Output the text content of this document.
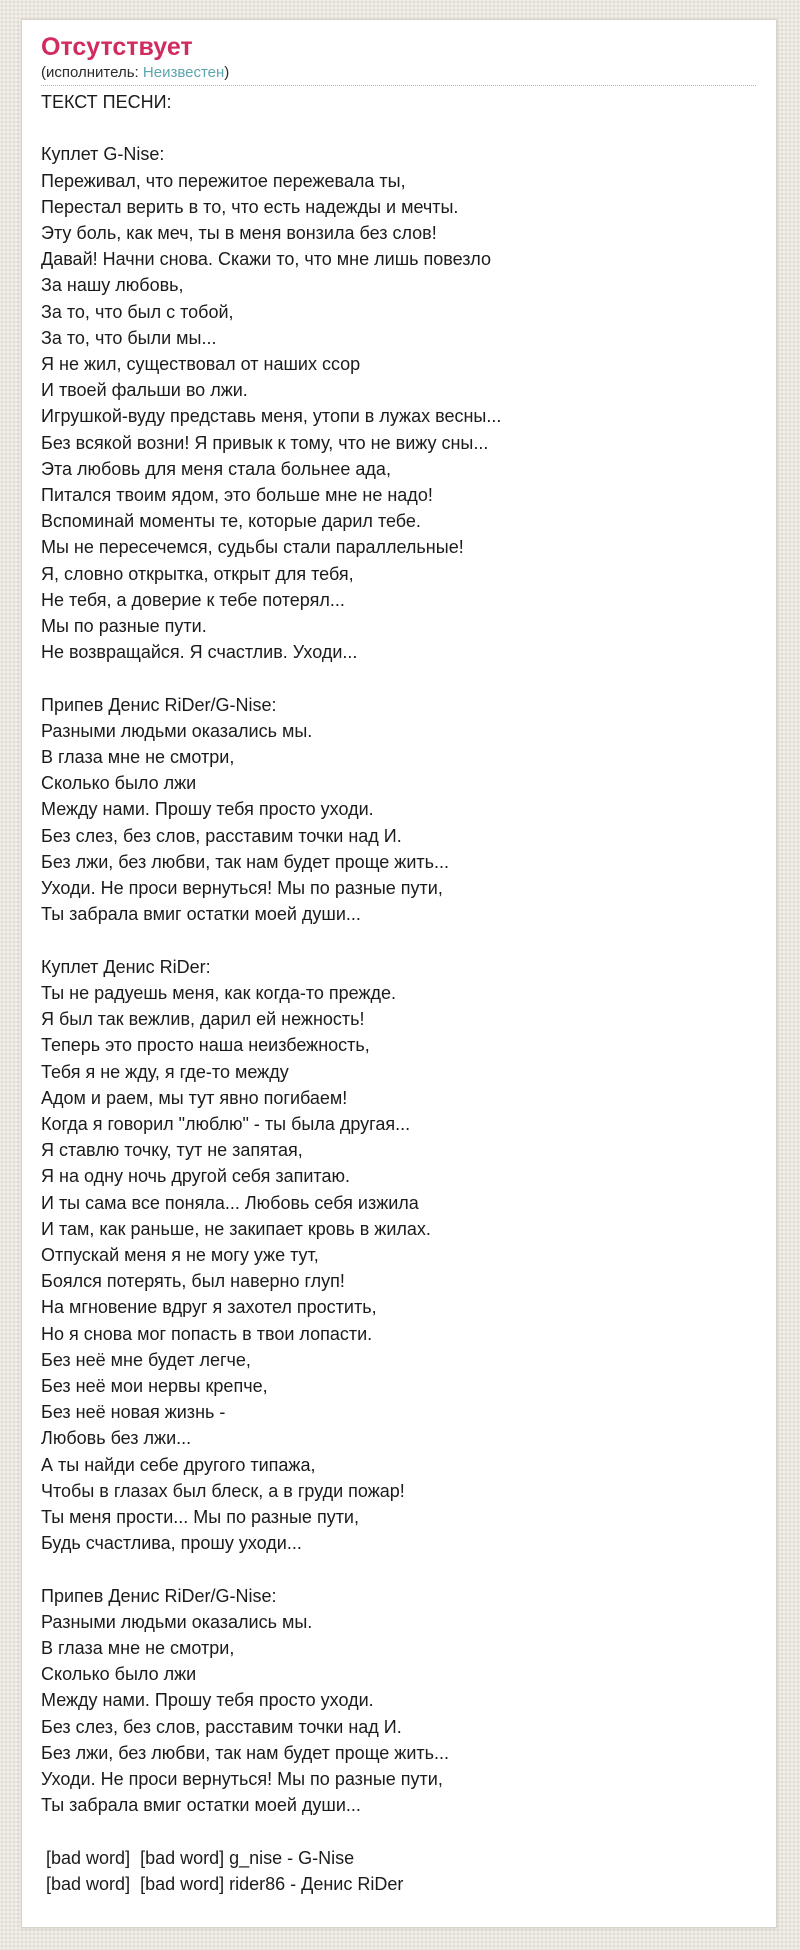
Отсутствует
(исполнитель: Неизвестен)
ТЕКСТ ПЕСНИ:

Куплет G-Nise:
Переживал, что пережитое пережевала ты,
Перестал верить в то, что есть надежды и мечты.
Эту боль, как меч, ты в меня вонзила без слов!
Давай! Начни снова. Скажи то, что мне лишь повезло
За нашу любовь,
За то, что был с тобой,
За то, что были мы...
Я не жил, существовал от наших ссор
И твоей фальши во лжи.
Игрушкой-вуду представь меня, утопи в лужах весны...
Без всякой возни! Я привык к тому, что не вижу сны...
Эта любовь для меня стала больнее ада,
Питался твоим ядом, это больше мне не надо!
Вспоминай моменты те, которые дарил тебе.
Мы не пересечемся, судьбы стали параллельные!
Я, словно открытка, открыт для тебя,
Не тебя, а доверие к тебе потерял...
Мы по разные пути.
Не возвращайся. Я счастлив. Уходи...

Припев Денис RiDer/G-Nise:
Разными людьми оказались мы.
В глаза мне не смотри,
Сколько было лжи
Между нами. Прошу тебя просто уходи.
Без слез, без слов, расставим точки над И.
Без лжи, без любви, так нам будет проще жить...
Уходи. Не проси вернуться! Мы по разные пути,
Ты забрала вмиг остатки моей души...

Куплет Денис RiDer:
Ты не радуешь меня, как когда-то прежде.
Я был так вежлив, дарил ей нежность!
Теперь это просто наша неизбежность,
Тебя я не жду, я где-то между
Адом и раем, мы тут явно погибаем!
Когда я говорил "люблю" - ты была другая...
Я ставлю точку, тут не запятая,
Я на одну ночь другой себя запитаю.
И ты сама все поняла... Любовь себя изжила
И там, как раньше, не закипает кровь в жилах.
Отпускай меня я не могу уже тут,
Боялся потерять, был наверно глуп!
На мгновение вдруг я захотел простить,
Но я снова мог попасть в твои лопасти.
Без неё мне будет легче,
Без неё мои нервы крепче,
Без неё новая жизнь -
Любовь без лжи...
А ты найди себе другого типажа,
Чтобы в глазах был блеск, а в груди пожар!
Ты меня прости... Мы по разные пути,
Будь счастлива, прошу уходи...

Припев Денис RiDer/G-Nise:
Разными людьми оказались мы.
В глаза мне не смотри,
Сколько было лжи
Между нами. Прошу тебя просто уходи.
Без слез, без слов, расставим точки над И.
Без лжи, без любви, так нам будет проще жить...
Уходи. Не проси вернуться! Мы по разные пути,
Ты забрала вмиг остатки моей души...

[bad word]  [bad word] g_nise - G-Nise
[bad word]  [bad word] rider86 - Денис RiDer
